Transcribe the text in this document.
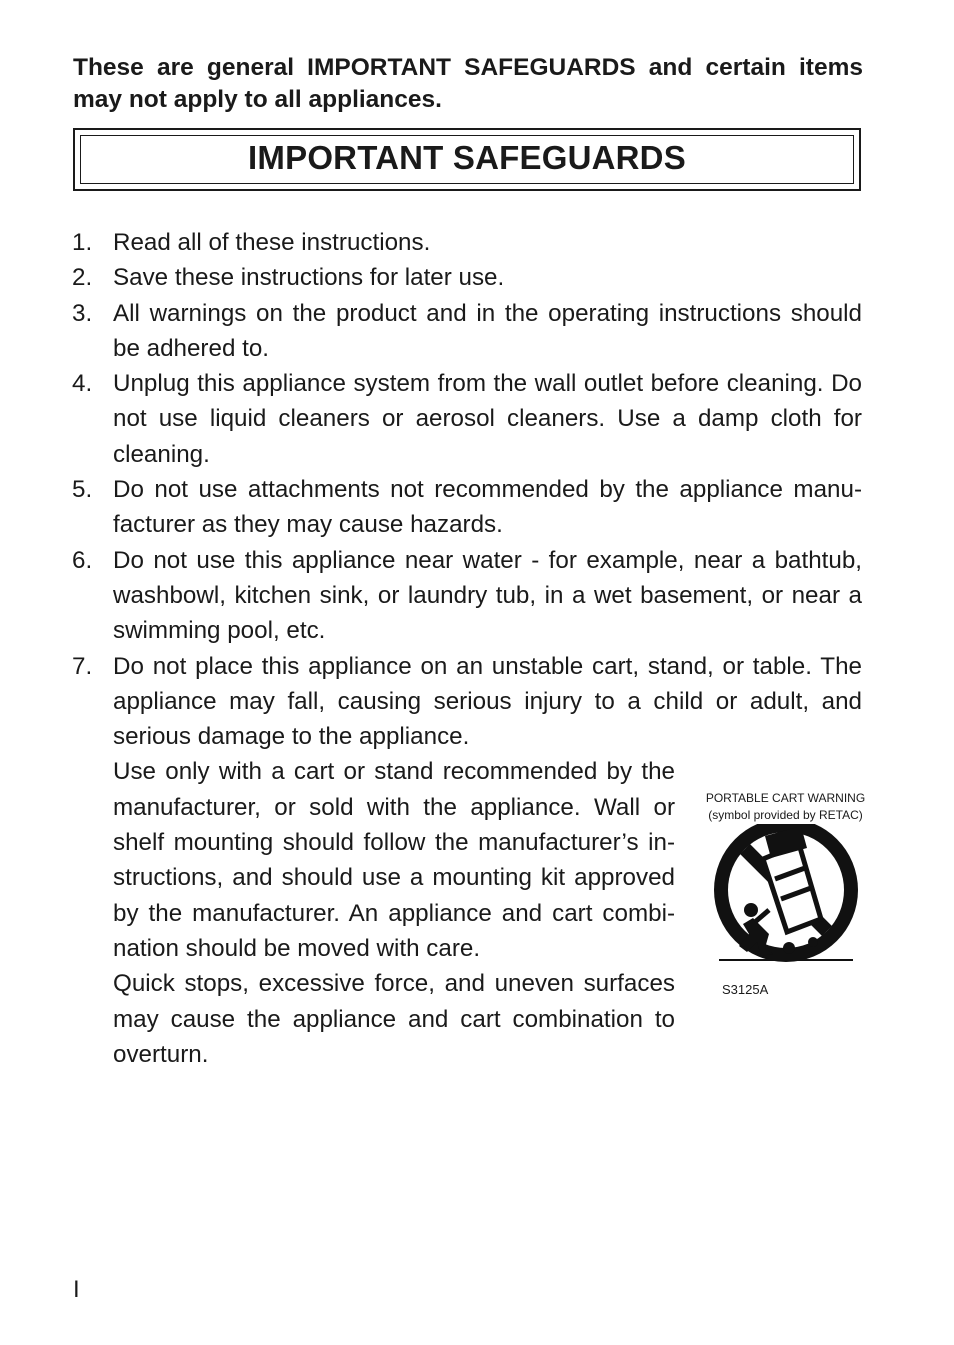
These are general IMPORTANT SAFEGUARDS and certain items may not apply to all appliances.
IMPORTANT SAFEGUARDS
1. Read all of these instructions.
2. Save these instructions for later use.
3. All warnings on the product and in the operating instructions should be adhered to.
4. Unplug this appliance system from the wall outlet before cleaning. Do not use liquid cleaners or aerosol cleaners. Use a damp cloth for cleaning.
5. Do not use attachments not recommended by the appliance manu-facturer as they may cause hazards.
6. Do not use this appliance near water - for example, near a bathtub, washbowl, kitchen sink, or laundry tub, in a wet basement, or near a swimming pool, etc.
7. Do not place this appliance on an unstable cart, stand, or table. The appliance may fall, causing serious injury to a child or adult, and serious damage to the appliance.
Use only with a cart or stand recommended by the manufacturer, or sold with the appliance. Wall or shelf mounting should follow the manufacturer’s in-structions, and should use a mounting kit approved by the manufacturer. An appliance and cart combi-nation should be moved with care.
Quick stops, excessive force, and uneven surfaces may cause the appliance and cart combination to overturn.
PORTABLE CART WARNING
(symbol provided by RETAC)
S3125A
I
